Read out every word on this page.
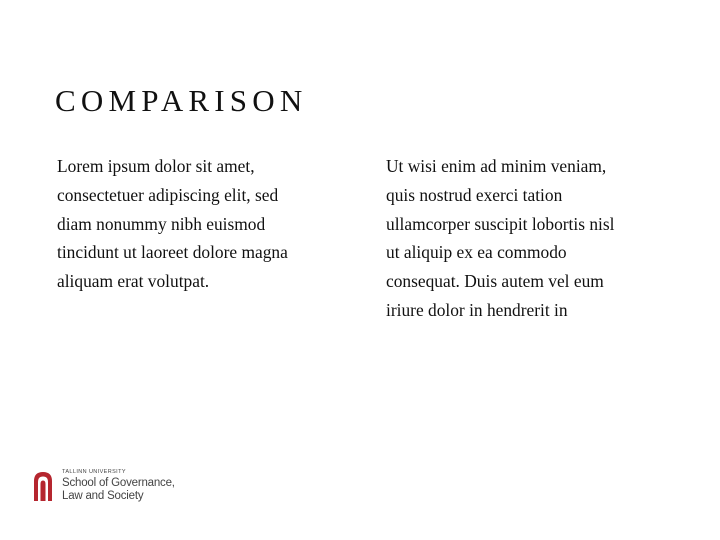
COMPARISON
Lorem ipsum dolor sit amet,
consectetuer adipiscing elit, sed
diam nonummy nibh euismod
tincidunt ut laoreet dolore magna
aliquam erat volutpat.
Ut wisi enim ad minim veniam,
quis nostrud exerci tation
ullamcorper suscipit lobortis nisl
ut aliquip ex ea commodo
consequat. Duis autem vel eum
iriure dolor in hendrerit in
TALLINN UNIVERSITY
School of Governance,
Law and Society
